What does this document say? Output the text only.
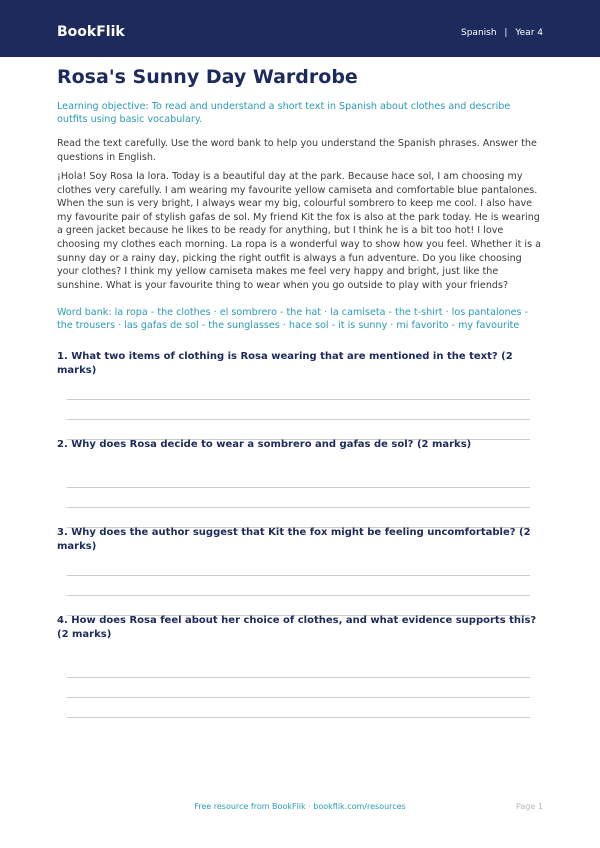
BookFlik	Spanish | Year 4
Rosa's Sunny Day Wardrobe

Learning objective: To read and understand a short text in Spanish about clothes and describe outfits using basic vocabulary.

Read the text carefully. Use the word bank to help you understand the Spanish phrases. Answer the questions in English.

¡Hola! Soy Rosa la lora. Today is a beautiful day at the park. Because hace sol, I am choosing my clothes very carefully. I am wearing my favourite yellow camiseta and comfortable blue pantalones. When the sun is very bright, I always wear my big, colourful sombrero to keep me cool. I also have my favourite pair of stylish gafas de sol. My friend Kit the fox is also at the park today. He is wearing a green jacket because he likes to be ready for anything, but I think he is a bit too hot! I love choosing my clothes each morning. La ropa is a wonderful way to show how you feel. Whether it is a sunny day or a rainy day, picking the right outfit is always a fun adventure. Do you like choosing your clothes? I think my yellow camiseta makes me feel very happy and bright, just like the sunshine. What is your favourite thing to wear when you go outside to play with your friends?

Word bank: la ropa - the clothes · el sombrero - the hat · la camiseta - the t-shirt · los pantalones - the trousers · las gafas de sol - the sunglasses · hace sol - it is sunny · mi favorito - my favourite

1. What two items of clothing is Rosa wearing that are mentioned in the text? (2 marks)

2. Why does Rosa decide to wear a sombrero and gafas de sol? (2 marks)

3. Why does the author suggest that Kit the fox might be feeling uncomfortable? (2 marks)

4. How does Rosa feel about her choice of clothes, and what evidence supports this? (2 marks)

Free resource from BookFlik · bookflik.com/resources	Page 1
